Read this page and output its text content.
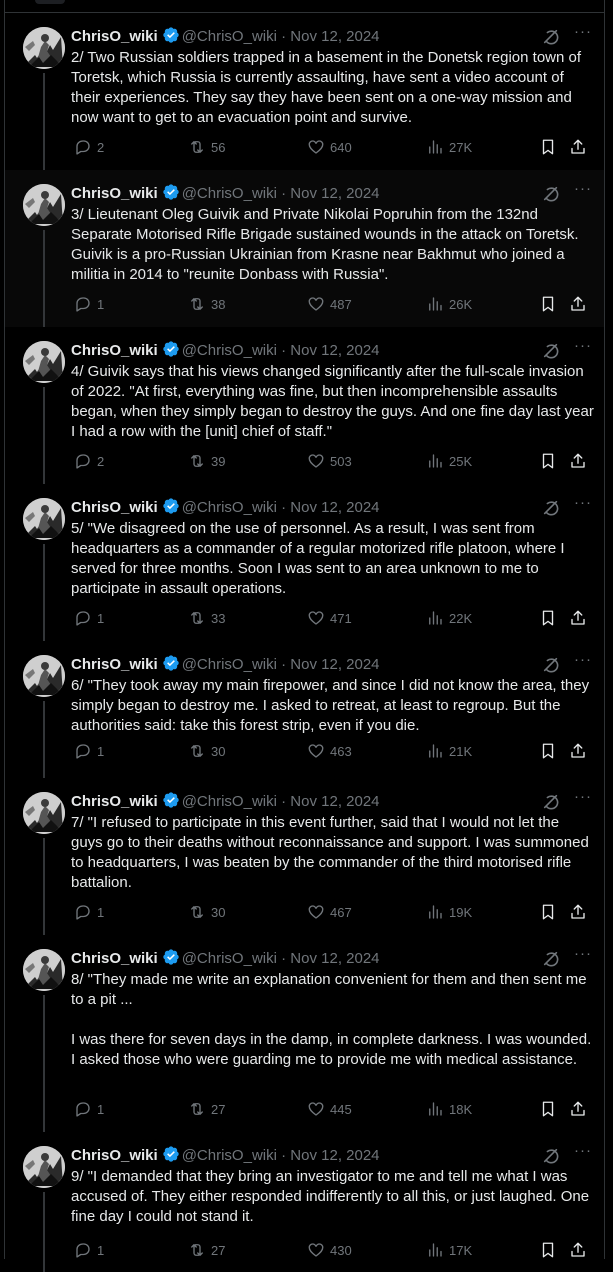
ChrisO_wiki @ChrisO_wiki · Nov 12, 2024	···
2/ Two Russian soldiers trapped in a basement in the Donetsk region town of Toretsk, which Russia is currently assaulting, have sent a video account of their experiences. They say they have been sent on a one-way mission and now want to get to an evacuation point and survive.
2	56	640	27K
ChrisO_wiki @ChrisO_wiki · Nov 12, 2024	···
3/ Lieutenant Oleg Guivik and Private Nikolai Popruhin from the 132nd Separate Motorised Rifle Brigade sustained wounds in the attack on Toretsk. Guivik is a pro-Russian Ukrainian from Krasne near Bakhmut who joined a militia in 2014 to "reunite Donbass with Russia".
1	38	487	26K
ChrisO_wiki @ChrisO_wiki · Nov 12, 2024	···
4/ Guivik says that his views changed significantly after the full-scale invasion of 2022. "At first, everything was fine, but then incomprehensible assaults began, when they simply began to destroy the guys. And one fine day last year I had a row with the [unit] chief of staff."
2	39	503	25K
ChrisO_wiki @ChrisO_wiki · Nov 12, 2024	···
5/ "We disagreed on the use of personnel. As a result, I was sent from headquarters as a commander of a regular motorized rifle platoon, where I served for three months. Soon I was sent to an area unknown to me to participate in assault operations.
1	33	471	22K
ChrisO_wiki @ChrisO_wiki · Nov 12, 2024	···
6/ "They took away my main firepower, and since I did not know the area, they simply began to destroy me. I asked to retreat, at least to regroup. But the authorities said: take this forest strip, even if you die.
1	30	463	21K
ChrisO_wiki @ChrisO_wiki · Nov 12, 2024	···
7/ "I refused to participate in this event further, said that I would not let the guys go to their deaths without reconnaissance and support. I was summoned to headquarters, I was beaten by the commander of the third motorised rifle battalion.
1	30	467	19K
ChrisO_wiki @ChrisO_wiki · Nov 12, 2024	···
8/ "They made me write an explanation convenient for them and then sent me to a pit ...

I was there for seven days in the damp, in complete darkness. I was wounded. I asked those who were guarding me to provide me with medical assistance.
1	27	445	18K
ChrisO_wiki @ChrisO_wiki · Nov 12, 2024	···
9/ "I demanded that they bring an investigator to me and tell me what I was accused of. They either responded indifferently to all this, or just laughed. One fine day I could not stand it.
1	27	430	17K
